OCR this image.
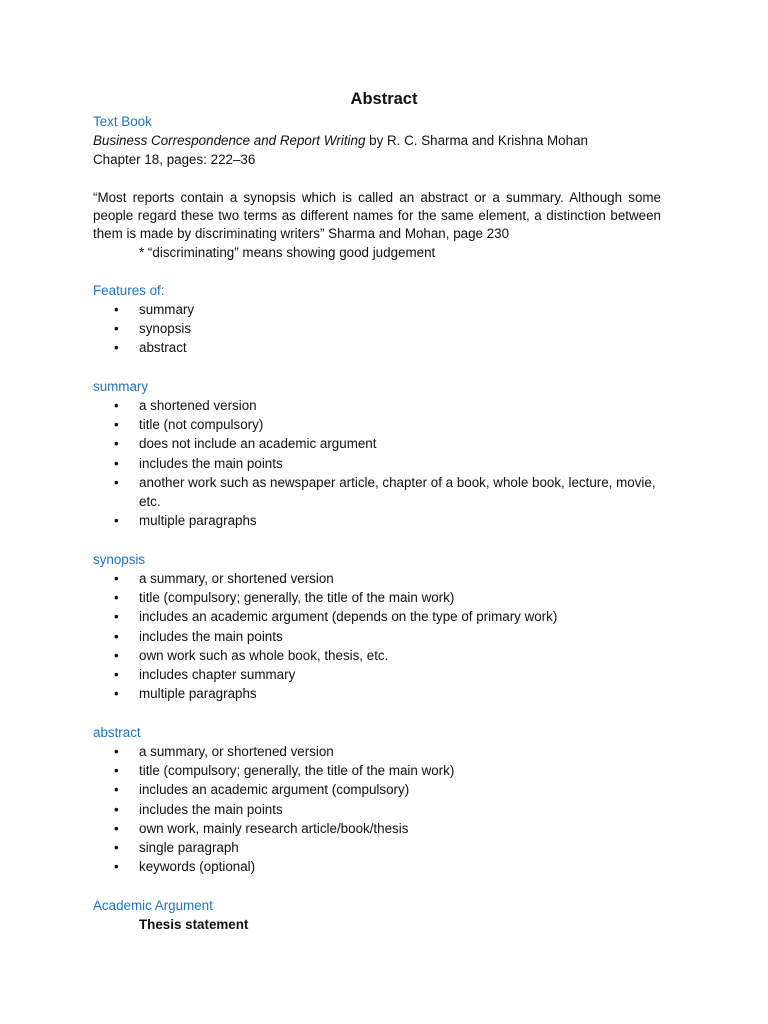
Abstract
Text Book
Business Correspondence and Report Writing by R. C. Sharma and Krishna Mohan
Chapter 18, pages: 222–36
“Most reports contain a synopsis which is called an abstract or a summary. Although some people regard these two terms as different names for the same element, a distinction between them is made by discriminating writers” Sharma and Mohan, page 230
* “discriminating” means showing good judgement
Features of:
•	summary
•	synopsis
•	abstract
summary
•	a shortened version
•	title (not compulsory)
•	does not include an academic argument
•	includes the main points
•	another work such as newspaper article, chapter of a book, whole book, lecture, movie, etc.
•	multiple paragraphs
synopsis
•	a summary, or shortened version
•	title (compulsory; generally, the title of the main work)
•	includes an academic argument (depends on the type of primary work)
•	includes the main points
•	own work such as whole book, thesis, etc.
•	includes chapter summary
•	multiple paragraphs
abstract
•	a summary, or shortened version
•	title (compulsory; generally, the title of the main work)
•	includes an academic argument (compulsory)
•	includes the main points
•	own work, mainly research article/book/thesis
•	single paragraph
•	keywords (optional)
Academic Argument
Thesis statement
